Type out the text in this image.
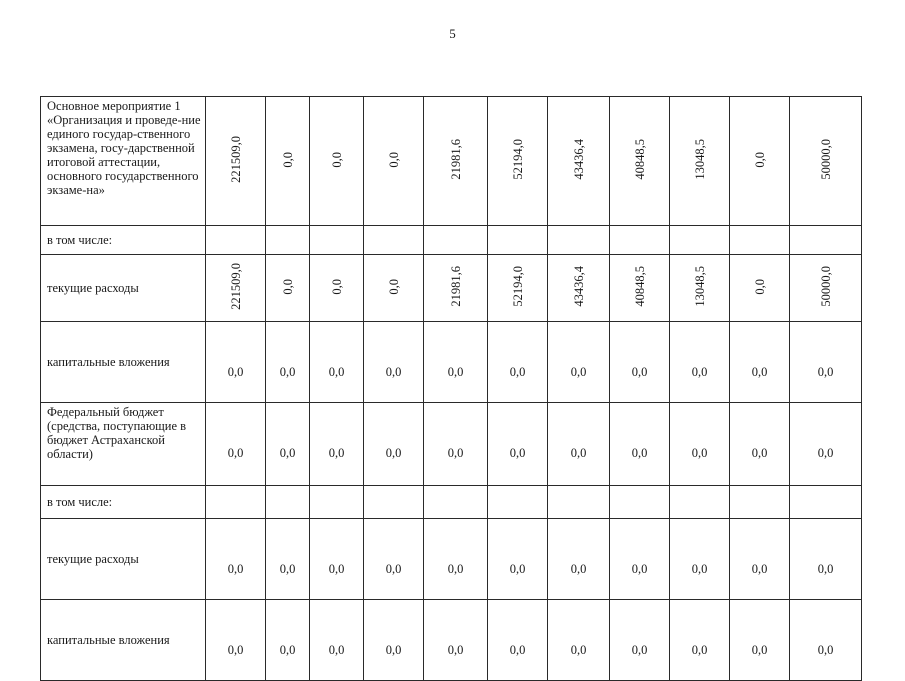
5
Основное мероприятие 1 «Организация и проведе-ние единого государ-ственного экзамена, госу-дарственной итоговой аттестации, основного государственного экзаме-на»	221509,0	0,0	0,0	0,0	21981,6	52194,0	43436,4	40848,5	13048,5	0,0	50000,0
в том числе:											
текущие расходы	221509,0	0,0	0,0	0,0	21981,6	52194,0	43436,4	40848,5	13048,5	0,0	50000,0
капитальные вложения	0,0	0,0	0,0	0,0	0,0	0,0	0,0	0,0	0,0	0,0	0,0
Федеральный бюджет (средства, поступающие в бюджет Астраханской области)	0,0	0,0	0,0	0,0	0,0	0,0	0,0	0,0	0,0	0,0	0,0
в том числе:											
текущие расходы	0,0	0,0	0,0	0,0	0,0	0,0	0,0	0,0	0,0	0,0	0,0
капитальные вложения	0,0	0,0	0,0	0,0	0,0	0,0	0,0	0,0	0,0	0,0	0,0
